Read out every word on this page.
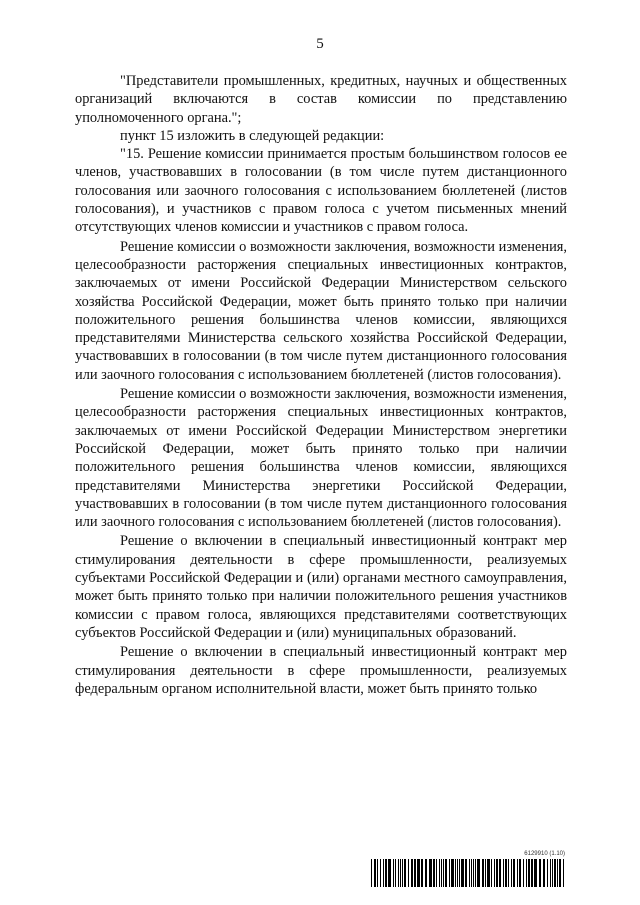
5

"Представители промышленных, кредитных, научных и общественных организаций включаются в состав комиссии по представлению уполномоченного органа.";

пункт 15 изложить в следующей редакции:

"15. Решение комиссии принимается простым большинством голосов ее членов, участвовавших в голосовании (в том числе путем дистанционного голосования или заочного голосования с использованием бюллетеней (листов голосования), и участников с правом голоса с учетом письменных мнений отсутствующих членов комиссии и участников с правом голоса.

Решение комиссии о возможности заключения, возможности изменения, целесообразности расторжения специальных инвестиционных контрактов, заключаемых от имени Российской Федерации Министерством сельского хозяйства Российской Федерации, может быть принято только при наличии положительного решения большинства членов комиссии, являющихся представителями Министерства сельского хозяйства Российской Федерации, участвовавших в голосовании (в том числе путем дистанционного голосования или заочного голосования с использованием бюллетеней (листов голосования).

Решение комиссии о возможности заключения, возможности изменения, целесообразности расторжения специальных инвестиционных контрактов, заключаемых от имени Российской Федерации Министерством энергетики Российской Федерации, может быть принято только при наличии положительного решения большинства членов комиссии, являющихся представителями Министерства энергетики Российской Федерации, участвовавших в голосовании (в том числе путем дистанционного голосования или заочного голосования с использованием бюллетеней (листов голосования).

Решение о включении в специальный инвестиционный контракт мер стимулирования деятельности в сфере промышленности, реализуемых субъектами Российской Федерации и (или) органами местного самоуправления, может быть принято только при наличии положительного решения участников комиссии с правом голоса, являющихся представителями соответствующих субъектов Российской Федерации и (или) муниципальных образований.

Решение о включении в специальный инвестиционный контракт мер стимулирования деятельности в сфере промышленности, реализуемых федеральным органом исполнительной власти, может быть принято только

6129910 (1.10)
